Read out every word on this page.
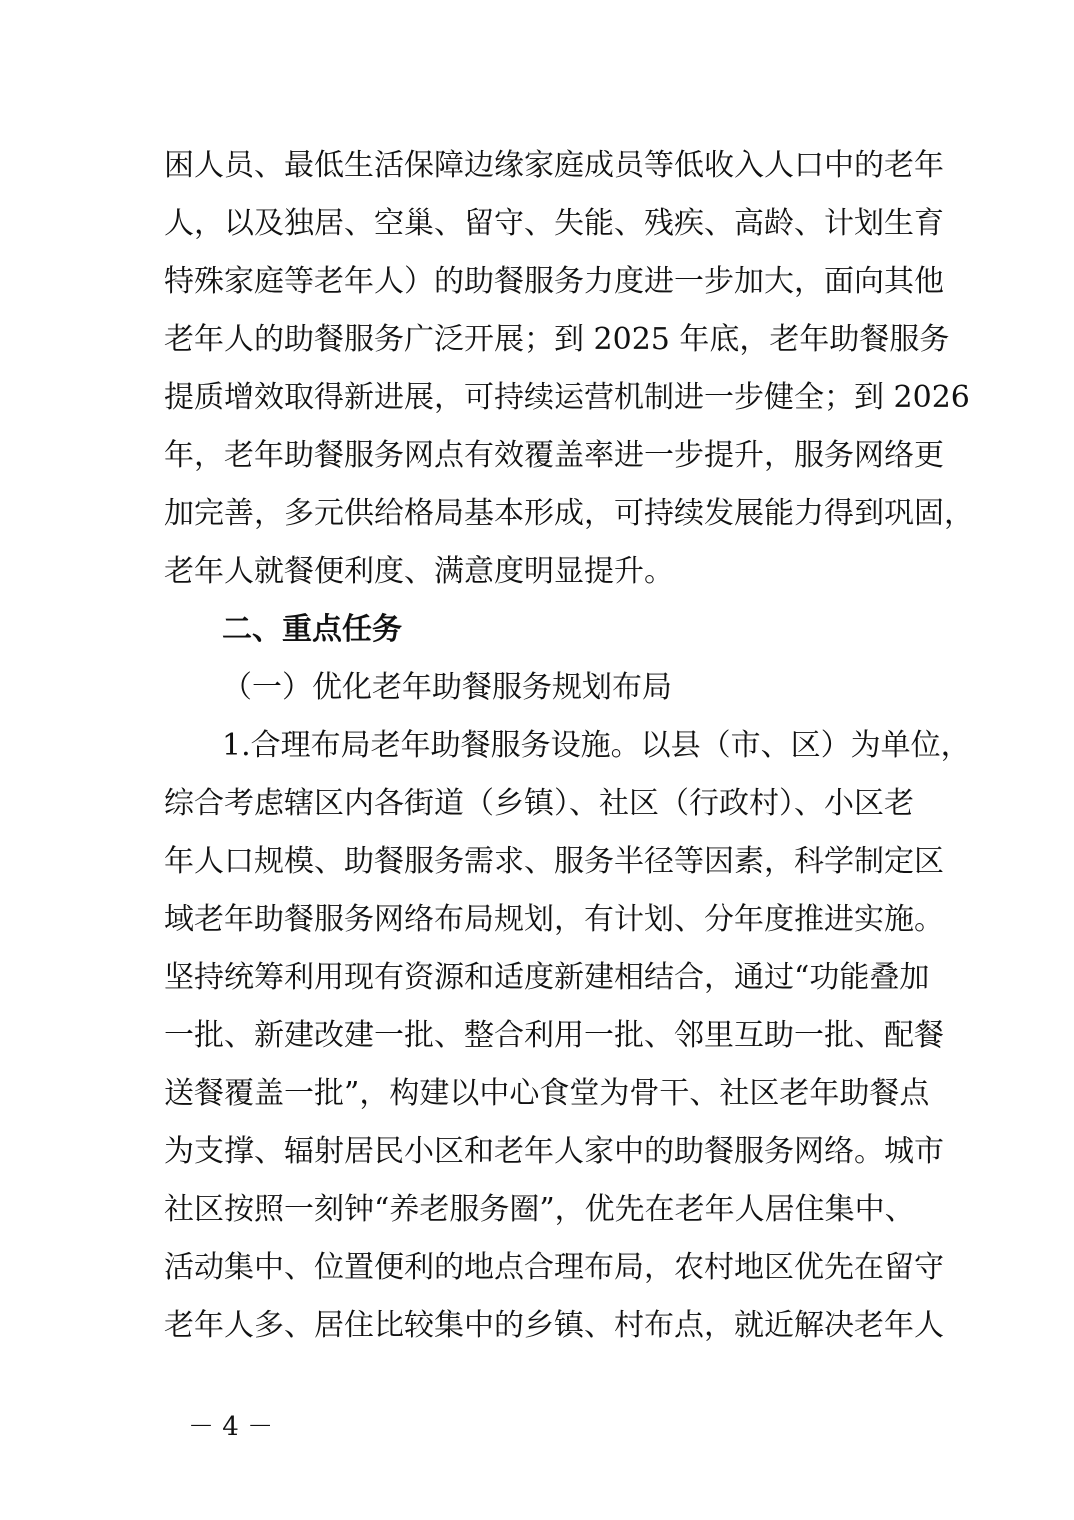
困人员、最低生活保障边缘家庭成员等低收入人口中的老年
人，以及独居、空巢、留守、失能、残疾、高龄、计划生育
特殊家庭等老年人）的助餐服务力度进一步加大，面向其他
老年人的助餐服务广泛开展；到 2025 年底，老年助餐服务
提质增效取得新进展，可持续运营机制进一步健全；到 2026
年，老年助餐服务网点有效覆盖率进一步提升，服务网络更
加完善，多元供给格局基本形成，可持续发展能力得到巩固，
老年人就餐便利度、满意度明显提升。
二、重点任务
（一）优化老年助餐服务规划布局
1.合理布局老年助餐服务设施。以县（市、区）为单位，
综合考虑辖区内各街道（乡镇）、社区（行政村）、小区老
年人口规模、助餐服务需求、服务半径等因素，科学制定区
域老年助餐服务网络布局规划，有计划、分年度推进实施。
坚持统筹利用现有资源和适度新建相结合，通过“功能叠加
一批、新建改建一批、整合利用一批、邻里互助一批、配餐
送餐覆盖一批”，构建以中心食堂为骨干、社区老年助餐点
为支撑、辐射居民小区和老年人家中的助餐服务网络。城市
社区按照一刻钟“养老服务圈”，优先在老年人居住集中、
活动集中、位置便利的地点合理布局，农村地区优先在留守
老年人多、居住比较集中的乡镇、村布点，就近解决老年人
－ 4 －
